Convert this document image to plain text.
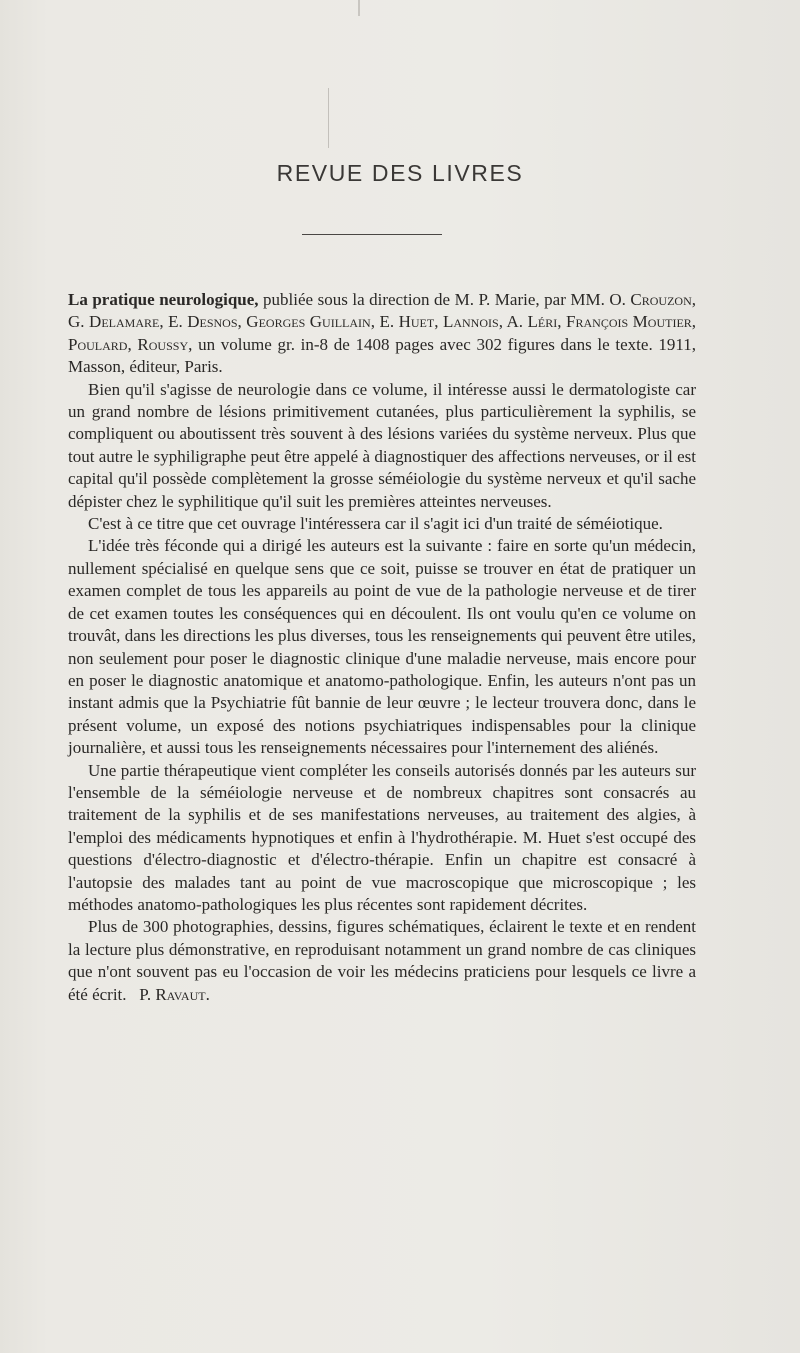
REVUE DES LIVRES

La pratique neurologique, publiée sous la direction de M. P. Marie, par MM. O. Crouzon, G. Delamare, E. Desnos, Georges Guillain, E. Huet, Lannois, A. Léri, François Moutier, Poulard, Roussy, un volume gr. in-8 de 1408 pages avec 302 figures dans le texte. 1911, Masson, éditeur, Paris.

Bien qu'il s'agisse de neurologie dans ce volume, il intéresse aussi le dermatologiste car un grand nombre de lésions primitivement cutanées, plus particulièrement la syphilis, se compliquent ou aboutissent très souvent à des lésions variées du système nerveux. Plus que tout autre le syphiligraphe peut être appelé à diagnostiquer des affections nerveuses, or il est capital qu'il possède complètement la grosse séméiologie du système nerveux et qu'il sache dépister chez le syphilitique qu'il suit les premières atteintes nerveuses.

C'est à ce titre que cet ouvrage l'intéressera car il s'agit ici d'un traité de séméiotique.

L'idée très féconde qui a dirigé les auteurs est la suivante : faire en sorte qu'un médecin, nullement spécialisé en quelque sens que ce soit, puisse se trouver en état de pratiquer un examen complet de tous les appareils au point de vue de la pathologie nerveuse et de tirer de cet examen toutes les conséquences qui en découlent. Ils ont voulu qu'en ce volume on trouvât, dans les directions les plus diverses, tous les renseignements qui peuvent être utiles, non seulement pour poser le diagnostic clinique d'une maladie nerveuse, mais encore pour en poser le diagnostic anatomique et anatomo-pathologique. Enfin, les auteurs n'ont pas un instant admis que la Psychiatrie fût bannie de leur œuvre ; le lecteur trouvera donc, dans le présent volume, un exposé des notions psychiatriques indispensables pour la clinique journalière, et aussi tous les renseignements nécessaires pour l'internement des aliénés.

Une partie thérapeutique vient compléter les conseils autorisés donnés par les auteurs sur l'ensemble de la séméiologie nerveuse et de nombreux chapitres sont consacrés au traitement de la syphilis et de ses manifestations nerveuses, au traitement des algies, à l'emploi des médicaments hypnotiques et enfin à l'hydrothérapie. M. Huet s'est occupé des questions d'électro-diagnostic et d'électro-thérapie. Enfin un chapitre est consacré à l'autopsie des malades tant au point de vue macroscopique que microscopique ; les méthodes anatomo-pathologiques les plus récentes sont rapidement décrites.

Plus de 300 photographies, dessins, figures schématiques, éclairent le texte et en rendent la lecture plus démonstrative, en reproduisant notamment un grand nombre de cas cliniques que n'ont souvent pas eu l'occasion de voir les médecins praticiens pour lesquels ce livre a été écrit. P. Ravaut.
